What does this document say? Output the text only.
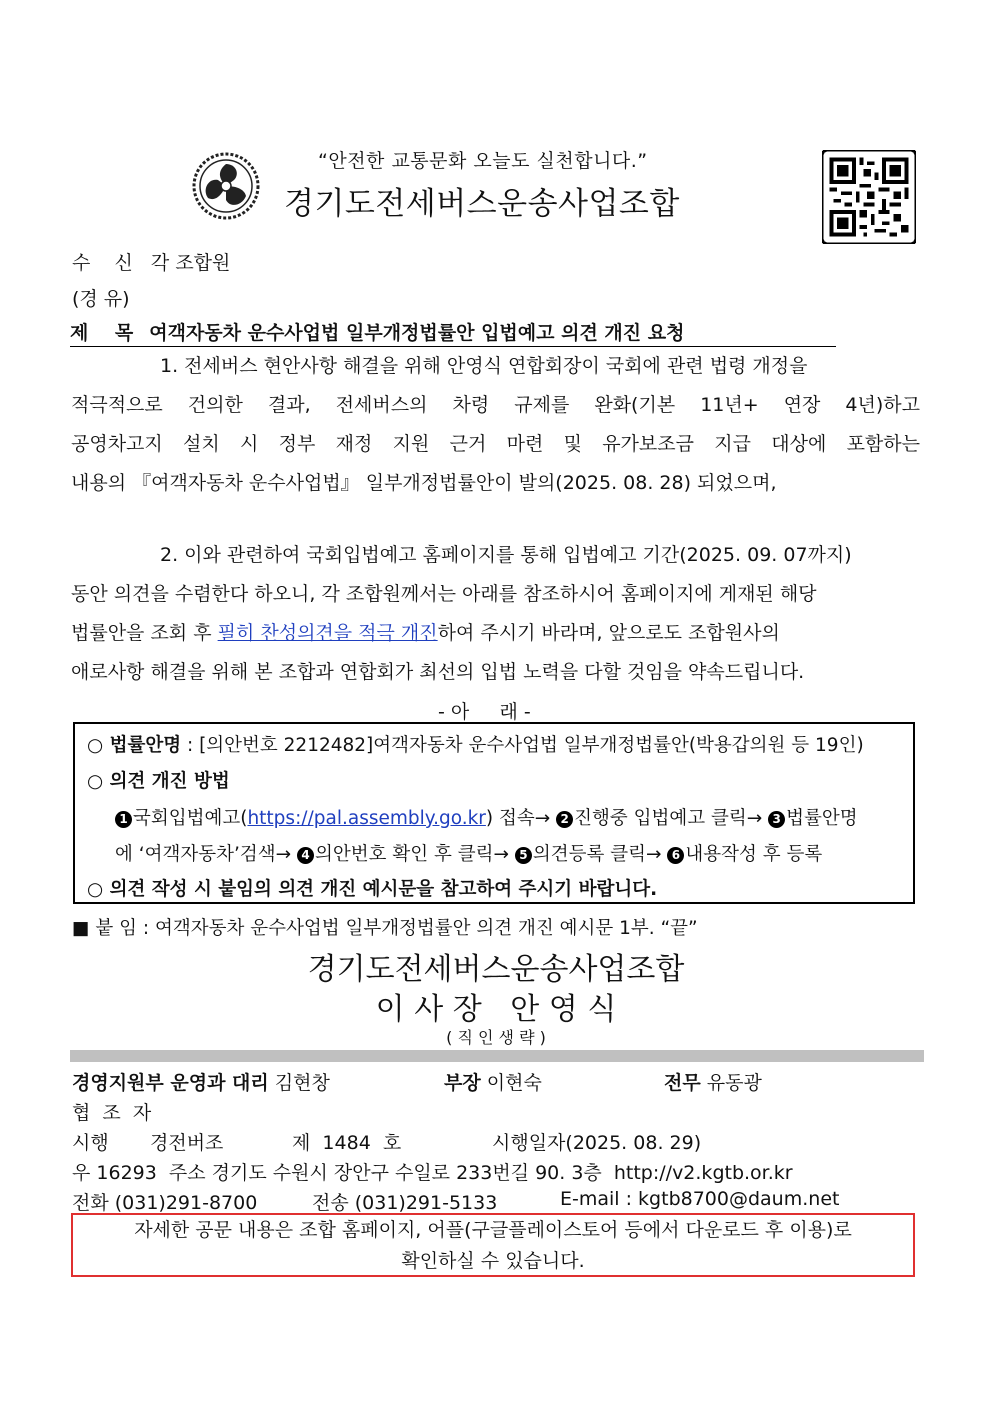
“안전한 교통문화 오늘도 실천합니다.”
경기도전세버스운송사업조합
수    신 각 조합원
(경 유)
제    목 여객자동차 운수사업법 일부개정법률안 입법예고 의견 개진 요청
1. 전세버스 현안사항 해결을 위해 안영식 연합회장이 국회에 관련 법령 개정을
적극적으로 건의한 결과, 전세버스의 차령 규제를 완화(기본 11년+ 연장 4년)하고
공영차고지 설치 시 정부 재정 지원 근거 마련 및 유가보조금 지급 대상에 포함하는
내용의 『여객자동차 운수사업법』 일부개정법률안이 발의(2025. 08. 28) 되었으며,
2. 이와 관련하여 국회입법예고 홈페이지를 통해 입법예고 기간(2025. 09. 07까지)
동안 의견을 수렴한다 하오니, 각 조합원께서는 아래를 참조하시어 홈페이지에 게재된 해당
법률안을 조회 후 필히 찬성의견을 적극 개진하여 주시기 바라며, 앞으로도 조합원사의
애로사항 해결을 위해 본 조합과 연합회가 최선의 입법 노력을 다할 것임을 약속드립니다.
- 아     래 -
○ 법률안명 : [의안번호 2212482]여객자동차 운수사업법 일부개정법률안(박용갑의원 등 19인)
○ 의견 개진 방법
1 국회입법예고(https://pal.assembly.go.kr) 접속→ 2 진행중 입법예고 클릭→ 3 법률안명
에 ‘여객자동차’검색→ 4 의안번호 확인 후 클릭→ 5 의견등록 클릭→ 6 내용작성 후 등록
○ 의견 작성 시 붙임의 의견 개진 예시문을 참고하여 주시기 바랍니다.
■ 붙 임 : 여객자동차 운수사업법 일부개정법률안 의견 개진 예시문 1부. “끝”
경기도전세버스운송사업조합
이 사 장   안 영 식
( 직 인 생 략 )
경영지원부 운영과 대리 김현창	부장 이현숙	전무 유동광
협  조  자
시행 경전버조	제  1484  호	시행일자(2025. 08. 29)
우 16293  주소 경기도 수원시 장안구 수일로 233번길 90. 3층  http://v2.kgtb.or.kr
전화 (031)291-8700	전송 (031)291-5133	E-mail : kgtb8700@daum.net
자세한 공문 내용은 조합 홈페이지, 어플(구글플레이스토어 등에서 다운로드 후 이용)로
확인하실 수 있습니다.
